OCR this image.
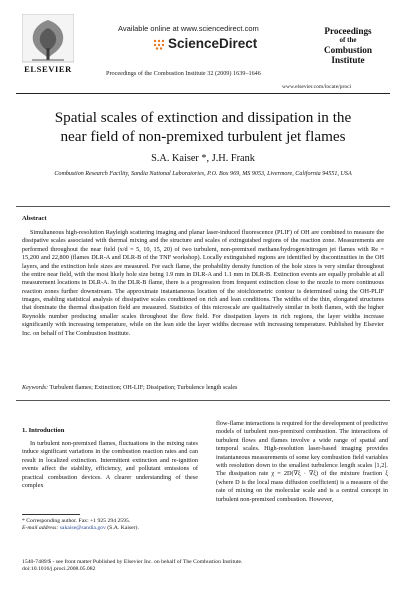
ELSEVIER
Available online at www.sciencedirect.com
ScienceDirect
Proceedings of the Combustion Institute 32 (2009) 1639–1646
Proceedings
of the
Combustion
Institute
www.elsevier.com/locate/proci
Spatial scales of extinction and dissipation in the near field of non-premixed turbulent jet flames
S.A. Kaiser *, J.H. Frank
Combustion Research Facility, Sandia National Laboratories, P.O. Box 969, MS 9053, Livermore, California 94551, USA
Abstract

Simultaneous high-resolution Rayleigh scattering imaging and planar laser-induced fluorescence (PLIF) of OH are combined to measure the dissipative scales associated with thermal mixing and the structure and scales of extinguished regions of the reaction zone. Measurements are performed throughout the near field (x/d = 5, 10, 15, 20) of two turbulent, non-premixed methane/hydrogen/nitrogen jet flames with Re = 15,200 and 22,800 (flames DLR-A and DLR-B of the TNF workshop). Locally extinguished regions are identified by discontinuities in the OH layers, and the extinction hole sizes are measured. For each flame, the probability density function of the hole sizes is very similar throughout the entire near field, with the most likely hole size being 1.9 mm in DLR-A and 1.1 mm in DLR-B. Extinction events are equally probable at all measurement locations in DLR-A. In the DLR-B flame, there is a progression from frequent extinction close to the nozzle to more continuous reaction zones further downstream. The approximate instantaneous location of the stoichiometric contour is determined using the OH-PLIF images, enabling statistical analysis of dissipative scales conditioned on rich and lean conditions. The widths of the thin, elongated structures that dominate the thermal dissipation field are measured. Statistics of this microscale are qualitatively similar in both flames, with the higher Reynolds number producing smaller scales throughout the flow field. For dissipation layers in rich regions, the layer widths increase significantly with increasing temperature, while on the lean side the layer widths decrease with increasing temperature. Published by Elsevier Inc. on behalf of The Combustion Institute.

Keywords: Turbulent flames; Extinction; OH-LIF; Dissipation; Turbulence length scales
1. Introduction

In turbulent non-premixed flames, fluctuations in the mixing rates induce significant variations in the combustion reaction rates and can result in localized extinction. Intermittent extinction and re-ignition events affect the stability, efficiency, and pollutant emissions of practical combustion devices. A clearer understanding of these complex

flow-flame interactions is required for the development of predictive models of turbulent non-premixed combustion. The interactions of turbulent flows and flames involve a wide range of spatial and temporal scales. High-resolution laser-based imaging provides instantaneous measurements of some key combustion field variables with resolution down to the smallest turbulence length scales [1,2]. The dissipation rate χ = 2D(∇ξ · ∇ξ) of the mixture fraction ξ (where D is the local mass diffusion coefficient) is a measure of the rate of mixing on the molecular scale and is a central concept in turbulent non-premixed combustion. However,

* Corresponding author. Fax: +1 925 294 2595.
E-mail address: sakaise@sandia.gov (S.A. Kaiser).
1540-7489/$ - see front matter Published by Elsevier Inc. on behalf of The Combustion Institute.
doi:10.1016/j.proci.2008.05.082
